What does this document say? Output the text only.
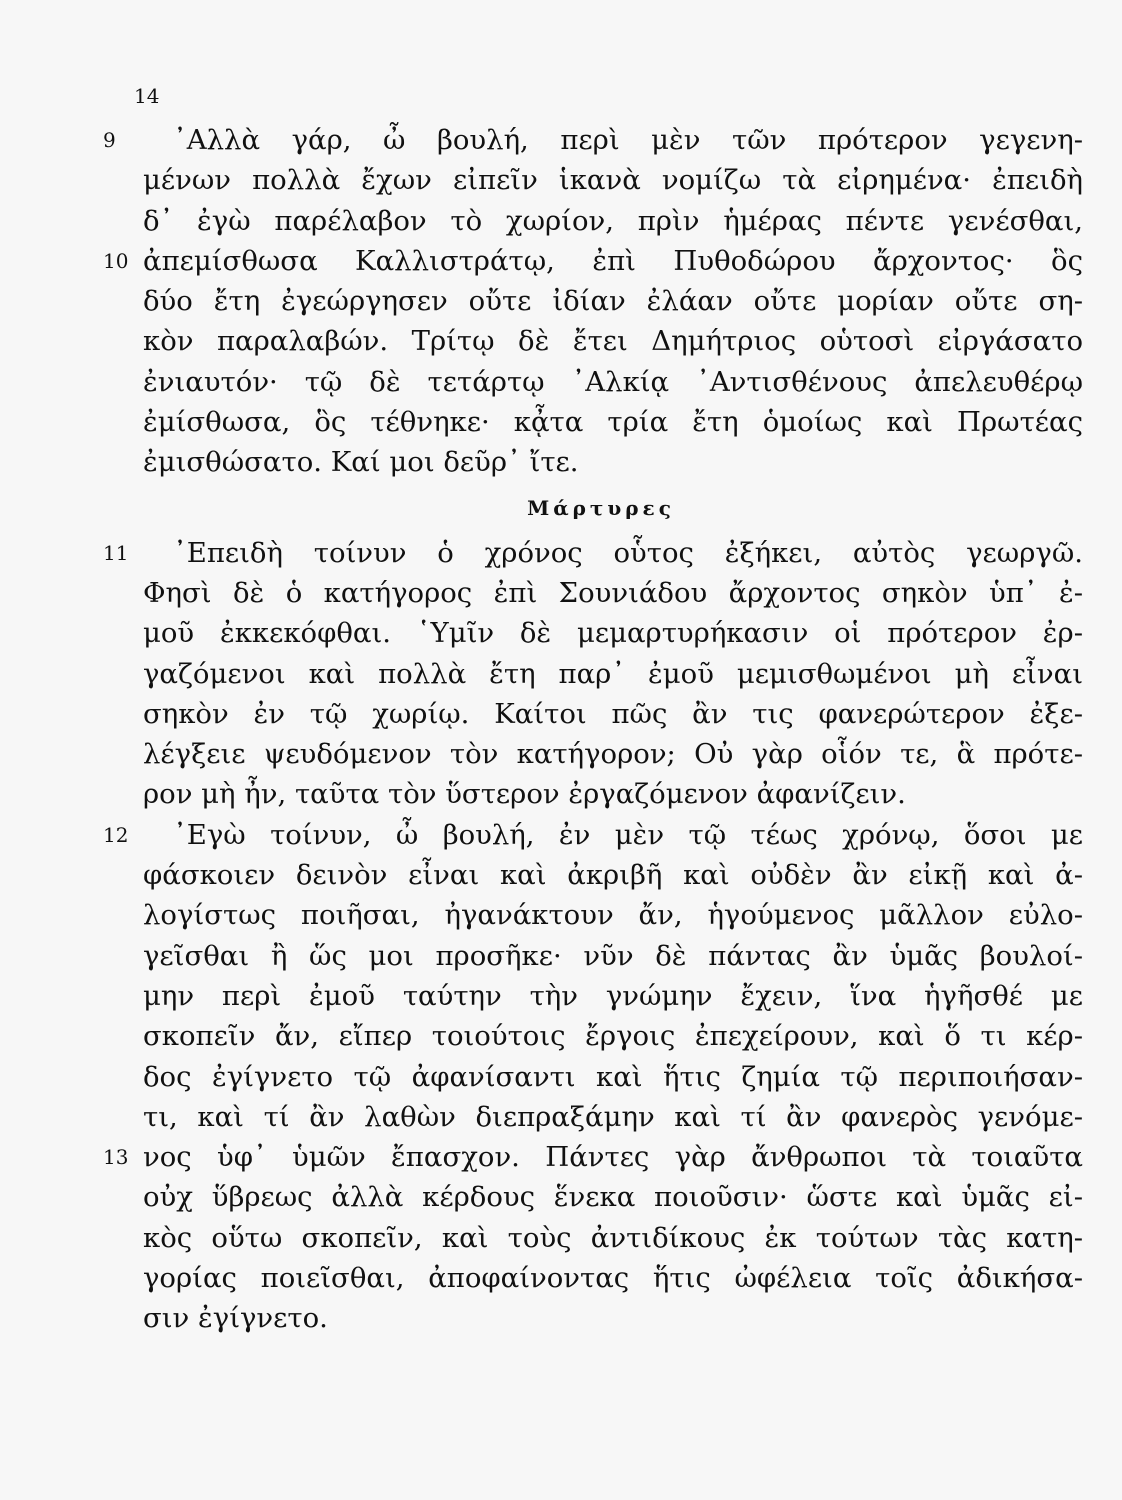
14
9 ᾿Αλλὰ γάρ, ὦ βουλή, περὶ μὲν τῶν πρότερον γεγενη-
μένων πολλὰ ἔχων εἰπεῖν ἱκανὰ νομίζω τὰ εἰρημένα· ἐπειδὴ
δ᾿ ἐγὼ παρέλαβον τὸ χωρίον, πρὶν ἡμέρας πέντε γενέσθαι,
10 ἀπεμίσθωσα Καλλιστράτῳ, ἐπὶ Πυθοδώρου ἄρχοντος· ὃς
δύο ἔτη ἐγεώργησεν οὔτε ἰδίαν ἐλάαν οὔτε μορίαν οὔτε ση-
κὸν παραλαβών. Τρίτῳ δὲ ἔτει Δημήτριος οὑτοσὶ εἰργάσατο
ἐνιαυτόν· τῷ δὲ τετάρτῳ ᾿Αλκίᾳ ᾿Αντισθένους ἀπελευθέρῳ
ἐμίσθωσα, ὃς τέθνηκε· κᾆτα τρία ἔτη ὁμοίως καὶ Πρωτέας
ἐμισθώσατο. Καί μοι δεῦρ᾿ ἴτε.
Μάρτυρες
11 ᾿Επειδὴ τοίνυν ὁ χρόνος οὗτος ἐξήκει, αὐτὸς γεωργῶ.
Φησὶ δὲ ὁ κατήγορος ἐπὶ Σουνιάδου ἄρχοντος σηκὸν ὑπ᾿ ἐ-
μοῦ ἐκκεκόφθαι. ῾Υμῖν δὲ μεμαρτυρήκασιν οἱ πρότερον ἐρ-
γαζόμενοι καὶ πολλὰ ἔτη παρ᾿ ἐμοῦ μεμισθωμένοι μὴ εἶναι
σηκὸν ἐν τῷ χωρίῳ. Καίτοι πῶς ἂν τις φανερώτερον ἐξε-
λέγξειε ψευδόμενον τὸν κατήγορον; Οὐ γὰρ οἷόν τε, ἃ πρότε-
ρον μὴ ἦν, ταῦτα τὸν ὕστερον ἐργαζόμενον ἀφανίζειν.
12 ᾿Εγὼ τοίνυν, ὦ βουλή, ἐν μὲν τῷ τέως χρόνῳ, ὅσοι με
φάσκοιεν δεινὸν εἶναι καὶ ἀκριβῆ καὶ οὐδὲν ἂν εἰκῇ καὶ ἀ-
λογίστως ποιῆσαι, ἠγανάκτουν ἄν, ἡγούμενος μᾶλλον εὐλο-
γεῖσθαι ἢ ὥς μοι προσῆκε· νῦν δὲ πάντας ἂν ὑμᾶς βουλοί-
μην περὶ ἐμοῦ ταύτην τὴν γνώμην ἔχειν, ἵνα ἡγῆσθέ με
σκοπεῖν ἄν, εἴπερ τοιούτοις ἔργοις ἐπεχείρουν, καὶ ὅ τι κέρ-
δος ἐγίγνετο τῷ ἀφανίσαντι καὶ ἥτις ζημία τῷ περιποιήσαν-
τι, καὶ τί ἂν λαθὼν διεπραξάμην καὶ τί ἂν φανερὸς γενόμε-
13 νος ὑφ᾿ ὑμῶν ἔπασχον. Πάντες γὰρ ἄνθρωποι τὰ τοιαῦτα
οὐχ ὕβρεως ἀλλὰ κέρδους ἕνεκα ποιοῦσιν· ὥστε καὶ ὑμᾶς εἰ-
κὸς οὕτω σκοπεῖν, καὶ τοὺς ἀντιδίκους ἐκ τούτων τὰς κατη-
γορίας ποιεῖσθαι, ἀποφαίνοντας ἥτις ὠφέλεια τοῖς ἀδικήσα-
σιν ἐγίγνετο.
